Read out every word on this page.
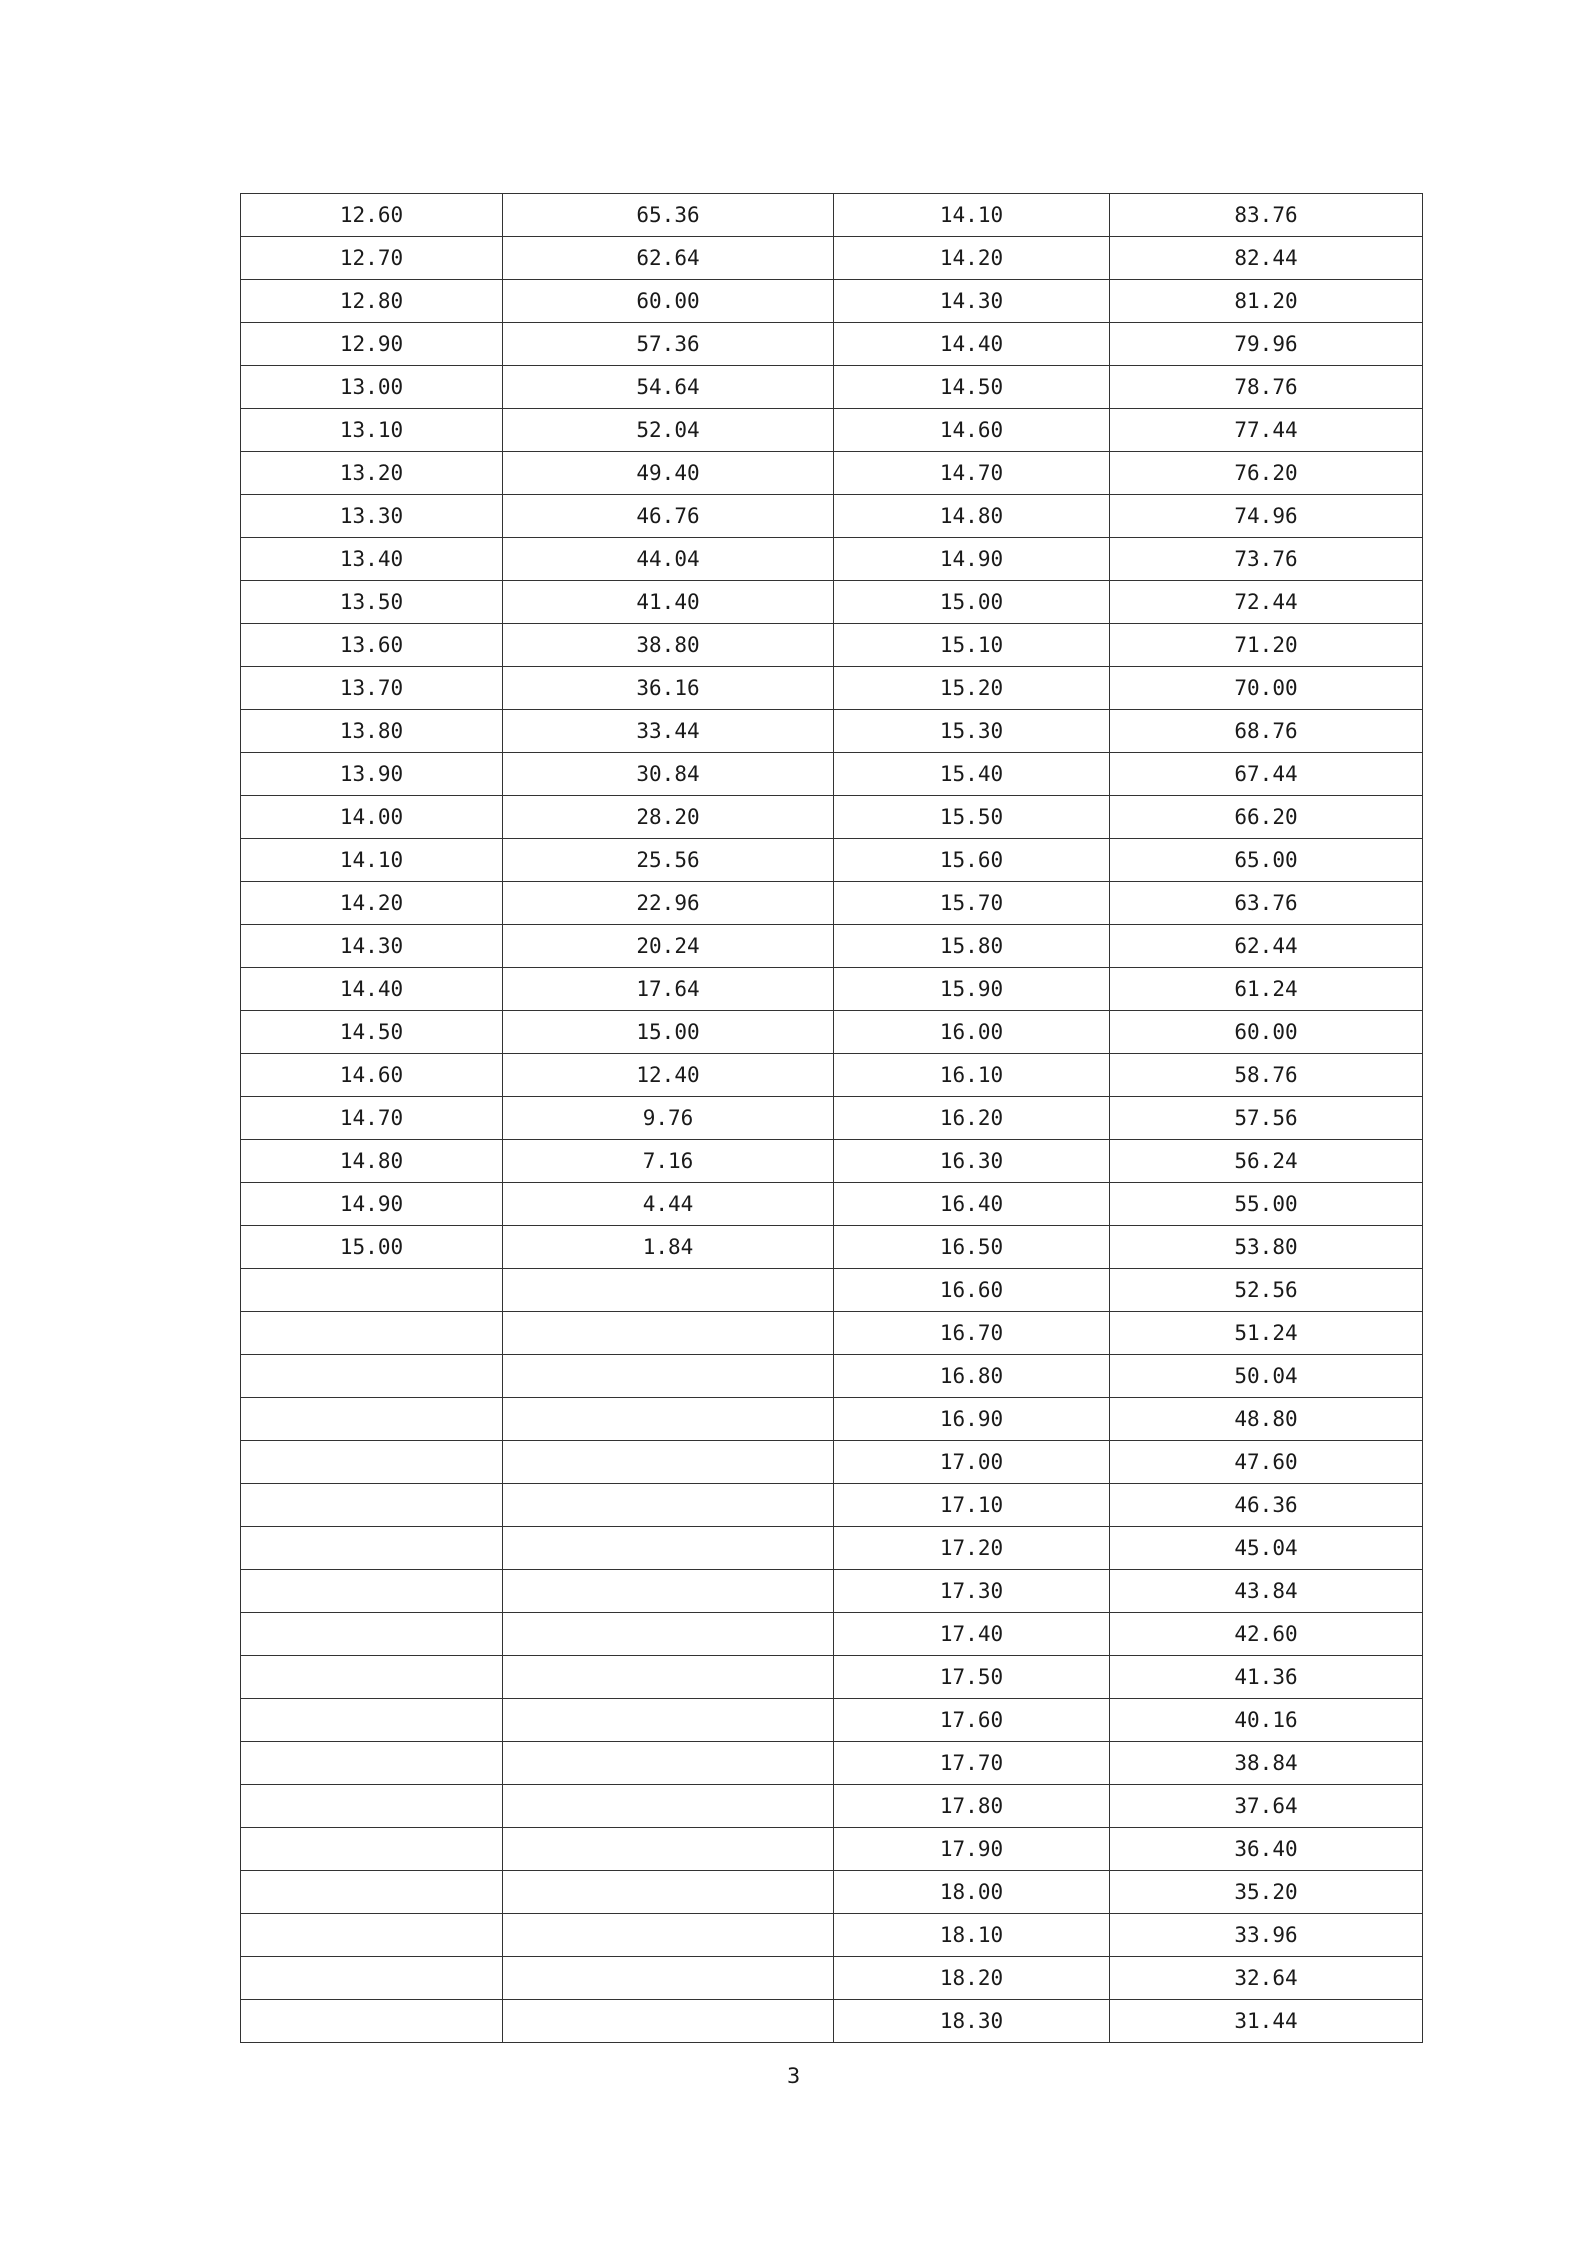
12.60	65.36	14.10	83.76
12.70	62.64	14.20	82.44
12.80	60.00	14.30	81.20
12.90	57.36	14.40	79.96
13.00	54.64	14.50	78.76
13.10	52.04	14.60	77.44
13.20	49.40	14.70	76.20
13.30	46.76	14.80	74.96
13.40	44.04	14.90	73.76
13.50	41.40	15.00	72.44
13.60	38.80	15.10	71.20
13.70	36.16	15.20	70.00
13.80	33.44	15.30	68.76
13.90	30.84	15.40	67.44
14.00	28.20	15.50	66.20
14.10	25.56	15.60	65.00
14.20	22.96	15.70	63.76
14.30	20.24	15.80	62.44
14.40	17.64	15.90	61.24
14.50	15.00	16.00	60.00
14.60	12.40	16.10	58.76
14.70	9.76	16.20	57.56
14.80	7.16	16.30	56.24
14.90	4.44	16.40	55.00
15.00	1.84	16.50	53.80
		16.60	52.56
		16.70	51.24
		16.80	50.04
		16.90	48.80
		17.00	47.60
		17.10	46.36
		17.20	45.04
		17.30	43.84
		17.40	42.60
		17.50	41.36
		17.60	40.16
		17.70	38.84
		17.80	37.64
		17.90	36.40
		18.00	35.20
		18.10	33.96
		18.20	32.64
		18.30	31.44
3
